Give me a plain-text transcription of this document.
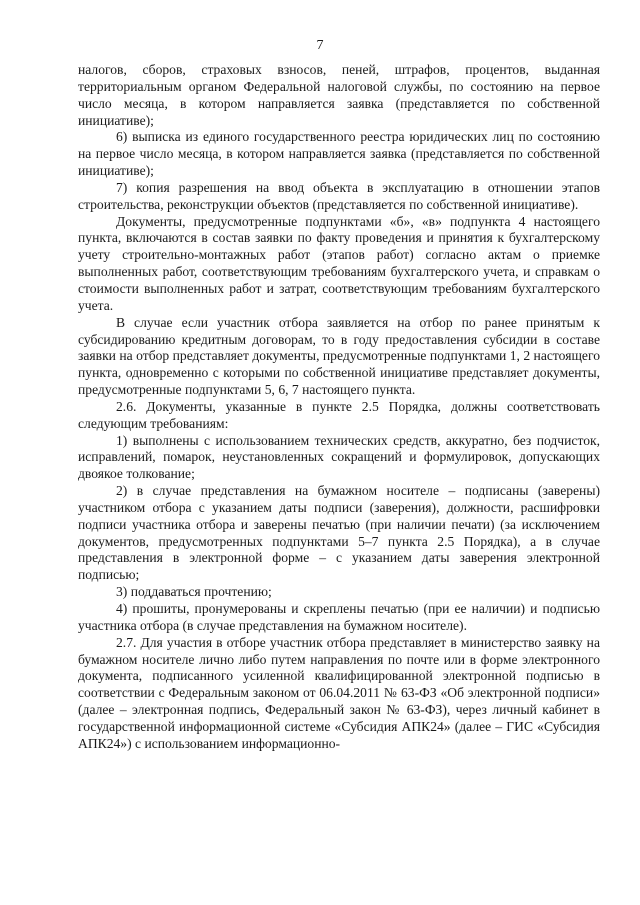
7

налогов, сборов, страховых взносов, пеней, штрафов, процентов, выданная территориальным органом Федеральной налоговой службы, по состоянию на первое число месяца, в котором направляется заявка (представляется по собственной инициативе);

6) выписка из единого государственного реестра юридических лиц по состоянию на первое число месяца, в котором направляется заявка (представляется по собственной инициативе);

7) копия разрешения на ввод объекта в эксплуатацию в отношении этапов строительства, реконструкции объектов (представляется по собственной инициативе).

Документы, предусмотренные подпунктами «б», «в» подпункта 4 настоящего пункта, включаются в состав заявки по факту проведения и принятия к бухгалтерскому учету строительно-монтажных работ (этапов работ) согласно актам о приемке выполненных работ, соответствующим требованиям бухгалтерского учета, и справкам о стоимости выполненных работ и затрат, соответствующим требованиям бухгалтерского учета.

В случае если участник отбора заявляется на отбор по ранее принятым к субсидированию кредитным договорам, то в году предоставления субсидии в составе заявки на отбор представляет документы, предусмотренные подпунктами 1, 2 настоящего пункта, одновременно с которыми по собственной инициативе представляет документы, предусмотренные подпунктами 5, 6, 7 настоящего пункта.

2.6. Документы, указанные в пункте 2.5 Порядка, должны соответствовать следующим требованиям:

1) выполнены с использованием технических средств, аккуратно, без подчисток, исправлений, помарок, неустановленных сокращений и формулировок, допускающих двоякое толкование;

2) в случае представления на бумажном носителе – подписаны (заверены) участником отбора с указанием даты подписи (заверения), должности, расшифровки подписи участника отбора и заверены печатью (при наличии печати) (за исключением документов, предусмотренных подпунктами 5–7 пункта 2.5 Порядка), а в случае представления в электронной форме – с указанием даты заверения электронной подписью;

3) поддаваться прочтению;

4) прошиты, пронумерованы и скреплены печатью (при ее наличии) и подписью участника отбора (в случае представления на бумажном носителе).

2.7. Для участия в отборе участник отбора представляет в министерство заявку на бумажном носителе лично либо путем направления по почте или в форме электронного документа, подписанного усиленной квалифицированной электронной подписью в соответствии с Федеральным законом от 06.04.2011 № 63-ФЗ «Об электронной подписи» (далее – электронная подпись, Федеральный закон № 63-ФЗ), через личный кабинет в государственной информационной системе «Субсидия АПК24» (далее – ГИС «Субсидия АПК24») с использованием информационно-
